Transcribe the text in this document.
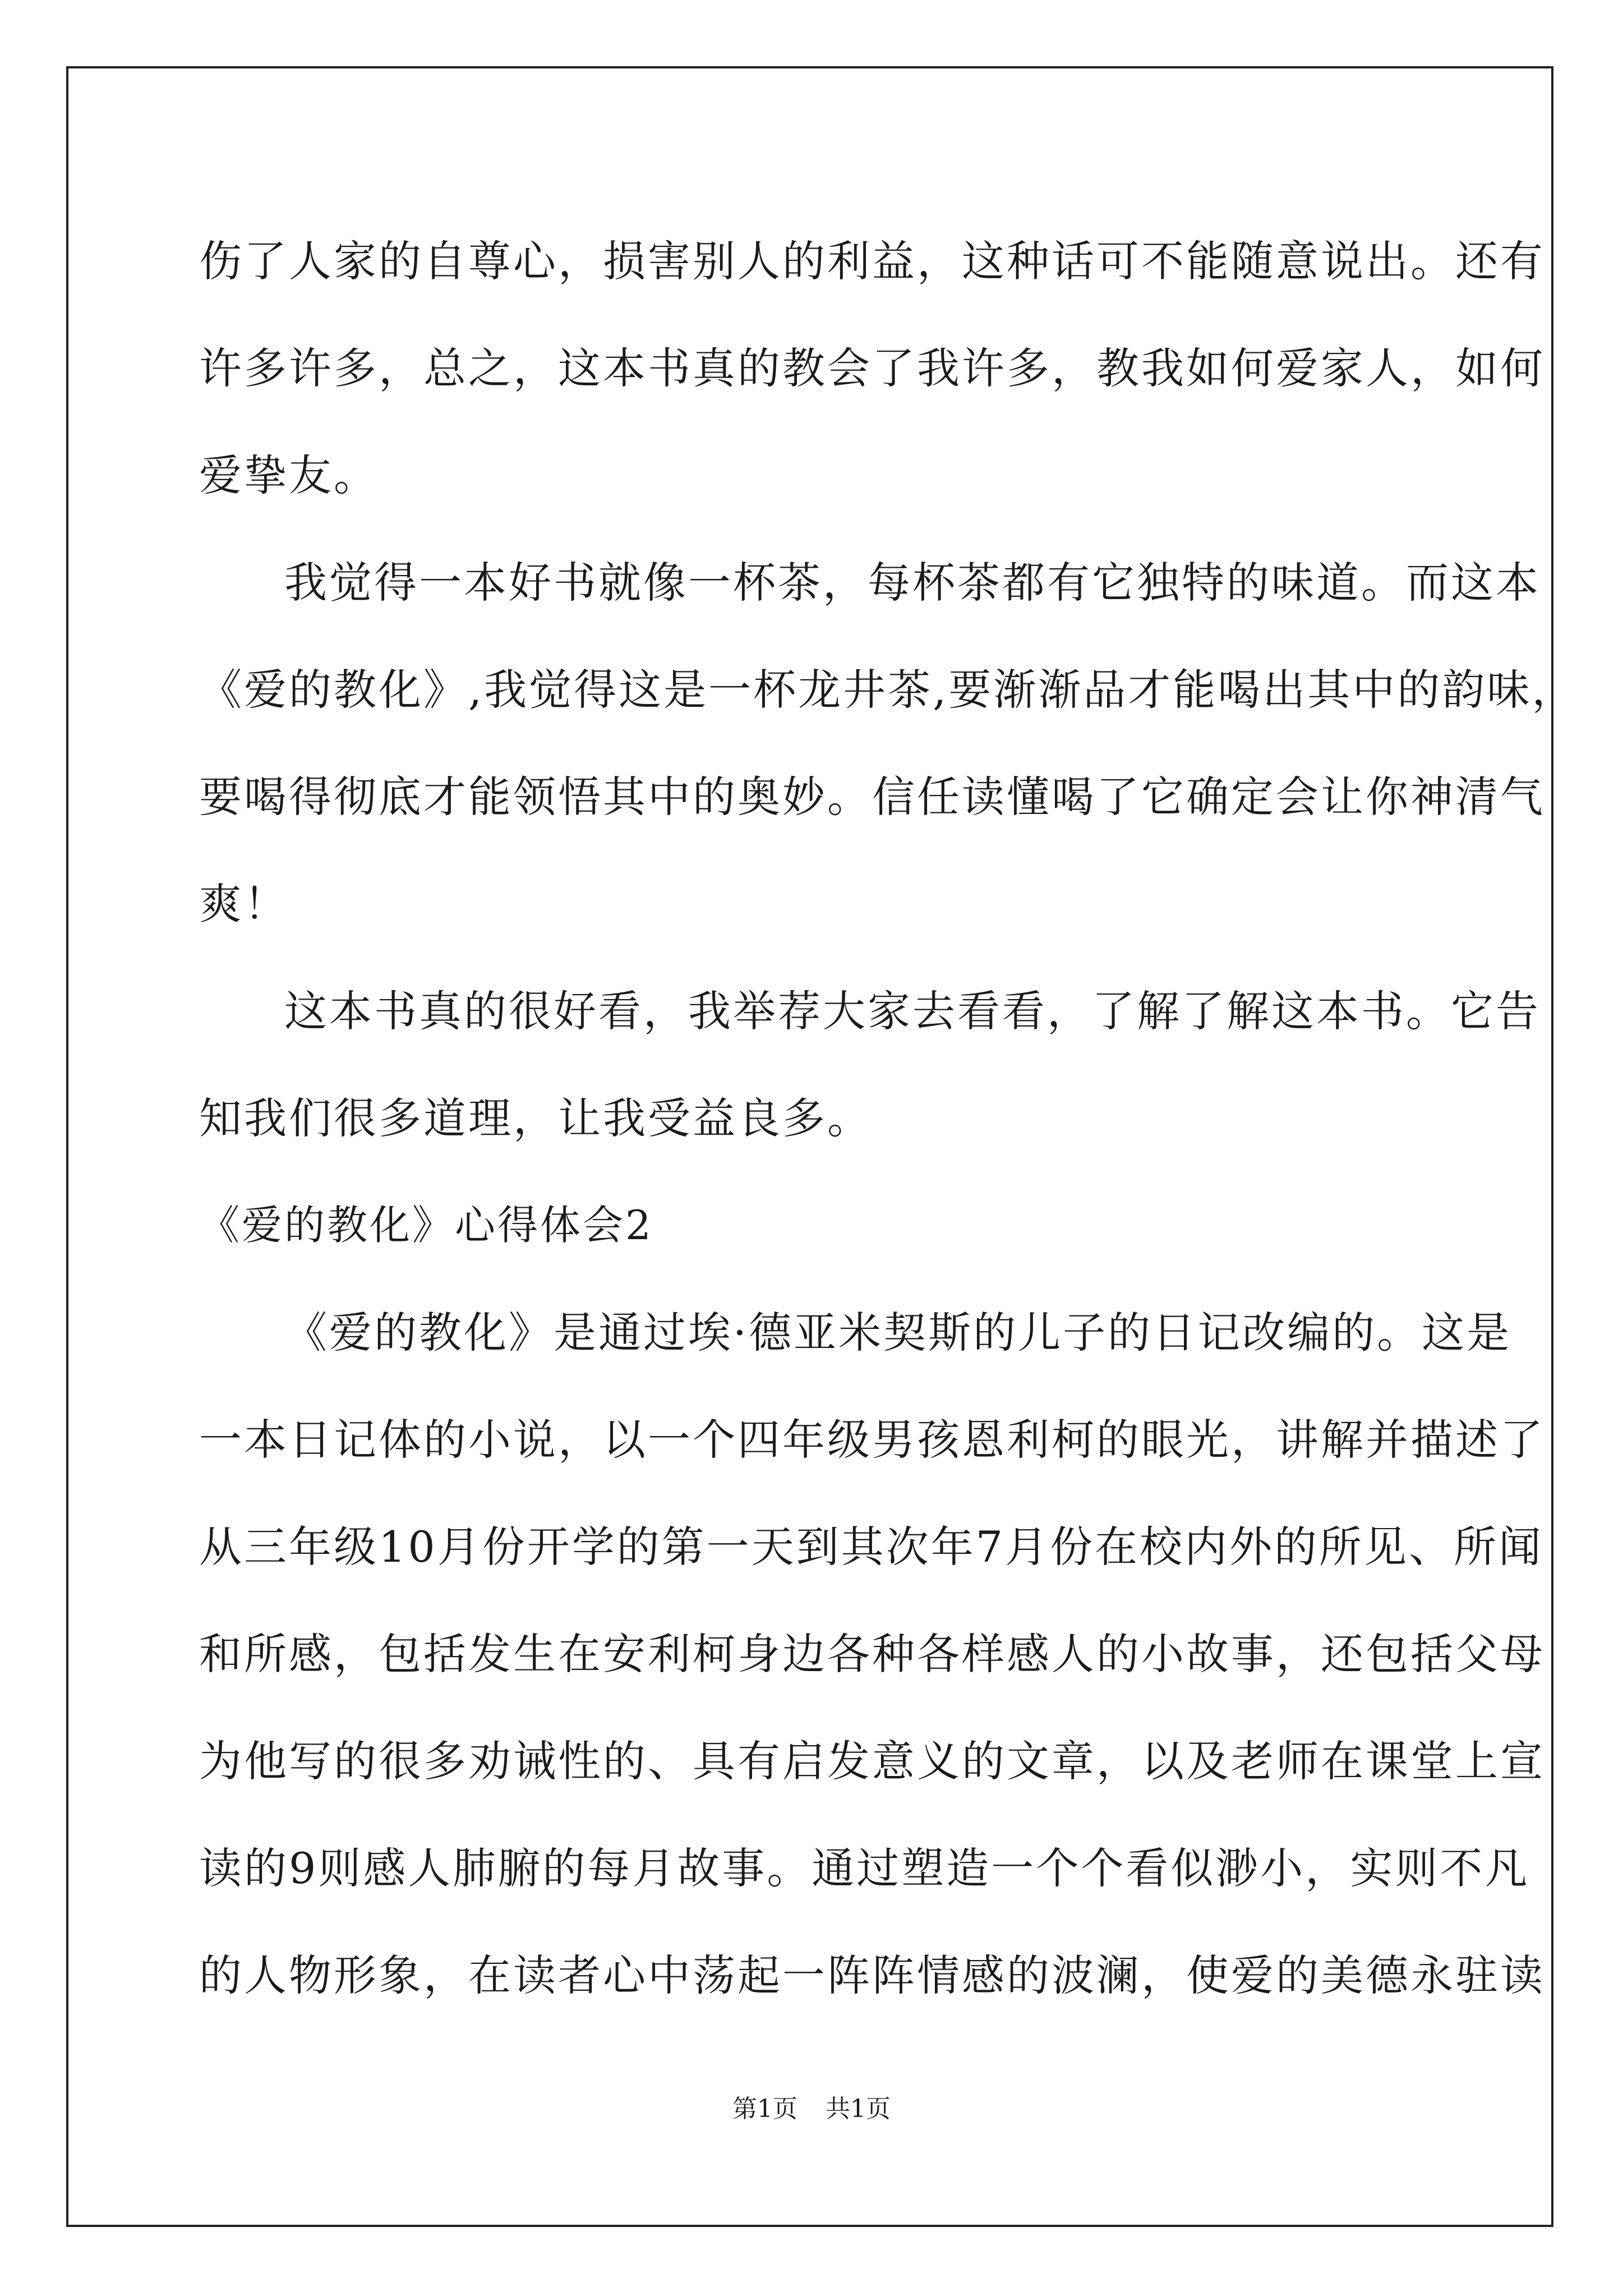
伤了人家的自尊心，损害别人的利益，这种话可不能随意说出。还有
许多许多，总之，这本书真的教会了我许多，教我如何爱家人，如何
爱挚友。
我觉得一本好书就像一杯茶，每杯茶都有它独特的味道。而这本
《爱的教化》,我觉得这是一杯龙井茶,要渐渐品才能喝出其中的韵味，
要喝得彻底才能领悟其中的奥妙。信任读懂喝了它确定会让你神清气
爽！
这本书真的很好看，我举荐大家去看看，了解了解这本书。它告
知我们很多道理，让我受益良多。
《爱的教化》心得体会2
《爱的教化》是通过埃·德亚米契斯的儿子的日记改编的。这是
一本日记体的小说，以一个四年级男孩恩利柯的眼光，讲解并描述了
从三年级10月份开学的第一天到其次年7月份在校内外的所见、所闻
和所感，包括发生在安利柯身边各种各样感人的小故事，还包括父母
为他写的很多劝诫性的、具有启发意义的文章，以及老师在课堂上宣
读的9则感人肺腑的每月故事。通过塑造一个个看似渺小，实则不凡
的人物形象，在读者心中荡起一阵阵情感的波澜，使爱的美德永驻读
第1页 共1页
